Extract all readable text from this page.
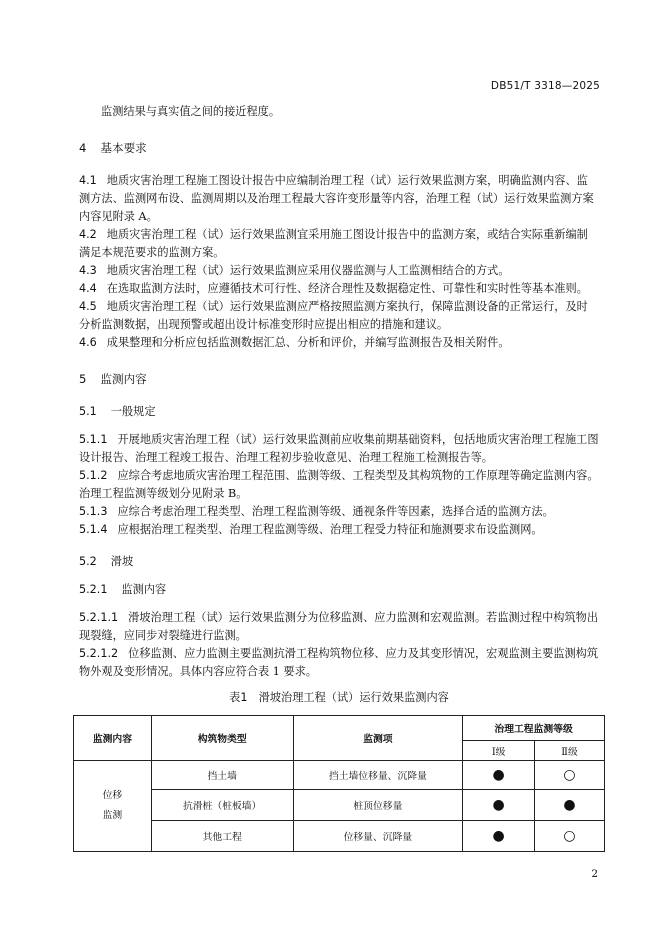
DB51/T 3318—2025

监测结果与真实值之间的接近程度。

4 基本要求

4.1 地质灾害治理工程施工图设计报告中应编制治理工程（试）运行效果监测方案，明确监测内容、监测方法、监测网布设、监测周期以及治理工程最大容许变形量等内容，治理工程（试）运行效果监测方案内容见附录 A。

4.2 地质灾害治理工程（试）运行效果监测宜采用施工图设计报告中的监测方案，或结合实际重新编制满足本规范要求的监测方案。

4.3 地质灾害治理工程（试）运行效果监测应采用仪器监测与人工监测相结合的方式。

4.4 在选取监测方法时，应遵循技术可行性、经济合理性及数据稳定性、可靠性和实时性等基本准则。

4.5 地质灾害治理工程（试）运行效果监测应严格按照监测方案执行，保障监测设备的正常运行，及时分析监测数据，出现预警或超出设计标准变形时应提出相应的措施和建议。

4.6 成果整理和分析应包括监测数据汇总、分析和评价，并编写监测报告及相关附件。

5 监测内容
5.1 一般规定

5.1.1 开展地质灾害治理工程（试）运行效果监测前应收集前期基础资料，包括地质灾害治理工程施工图设计报告、治理工程竣工报告、治理工程初步验收意见、治理工程施工检测报告等。

5.1.2 应综合考虑地质灾害治理工程范围、监测等级、工程类型及其构筑物的工作原理等确定监测内容。治理工程监测等级划分见附录 B。

5.1.3 应综合考虑治理工程类型、治理工程监测等级、通视条件等因素，选择合适的监测方法。

5.1.4 应根据治理工程类型、治理工程监测等级、治理工程受力特征和施测要求布设监测网。

5.2 滑坡
5.2.1 监测内容

5.2.1.1 滑坡治理工程（试）运行效果监测分为位移监测、应力监测和宏观监测。若监测过程中构筑物出现裂缝，应同步对裂缝进行监测。

5.2.1.2 位移监测、应力监测主要监测抗滑工程构筑物位移、应力及其变形情况，宏观监测主要监测构筑物外观及变形情况。具体内容应符合表 1 要求。

表1　滑坡治理工程（试）运行效果监测内容
监测内容	构筑物类型	监测项	治理工程监测等级	
			Ⅰ级	Ⅱ级

位移
监测	挡土墙	挡土墙位移量、沉降量	●	○
	抗滑桩（桩板墙）	桩顶位移量	●	●
	其他工程	位移量、沉降量	●	○
2
